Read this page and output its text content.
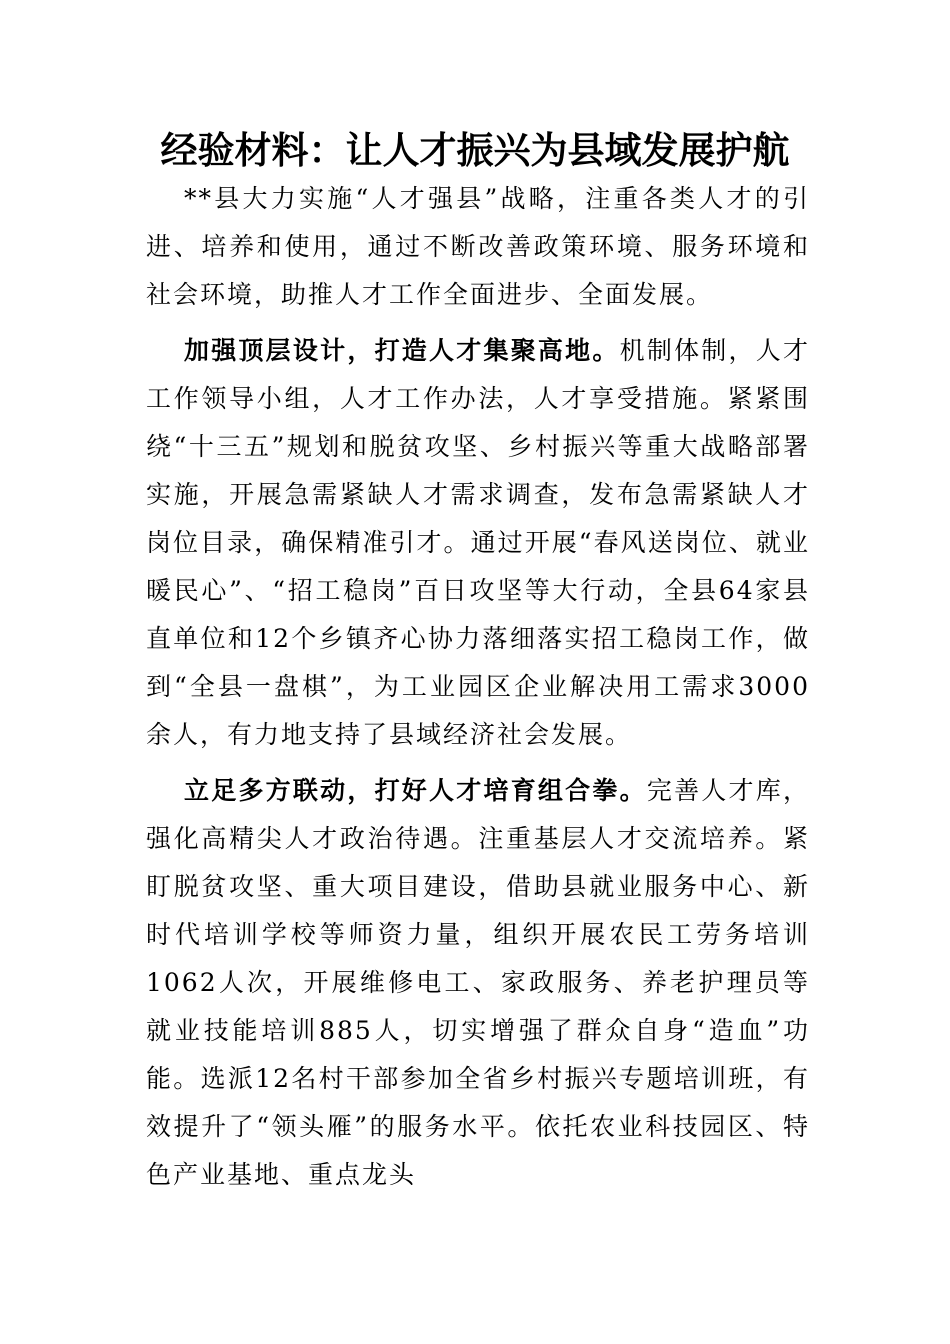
经验材料：让人才振兴为县域发展护航

**县大力实施“人才强县”战略，注重各类人才的引进、培养和使用，通过不断改善政策环境、服务环境和社会环境，助推人才工作全面进步、全面发展。

加强顶层设计，打造人才集聚高地。机制体制，人才工作领导小组，人才工作办法，人才享受措施。紧紧围绕“十三五”规划和脱贫攻坚、乡村振兴等重大战略部署实施，开展急需紧缺人才需求调查，发布急需紧缺人才岗位目录，确保精准引才。通过开展“春风送岗位、就业暖民心”、“招工稳岗”百日攻坚等大行动，全县64家县直单位和12个乡镇齐心协力落细落实招工稳岗工作，做到“全县一盘棋”，为工业园区企业解决用工需求3000余人，有力地支持了县域经济社会发展。

立足多方联动，打好人才培育组合拳。完善人才库，强化高精尖人才政治待遇。注重基层人才交流培养。紧盯脱贫攻坚、重大项目建设，借助县就业服务中心、新时代培训学校等师资力量，组织开展农民工劳务培训1062人次，开展维修电工、家政服务、养老护理员等就业技能培训885人，切实增强了群众自身“造血”功能。选派12名村干部参加全省乡村振兴专题培训班，有效提升了“领头雁”的服务水平。依托农业科技园区、特色产业基地、重点龙头
